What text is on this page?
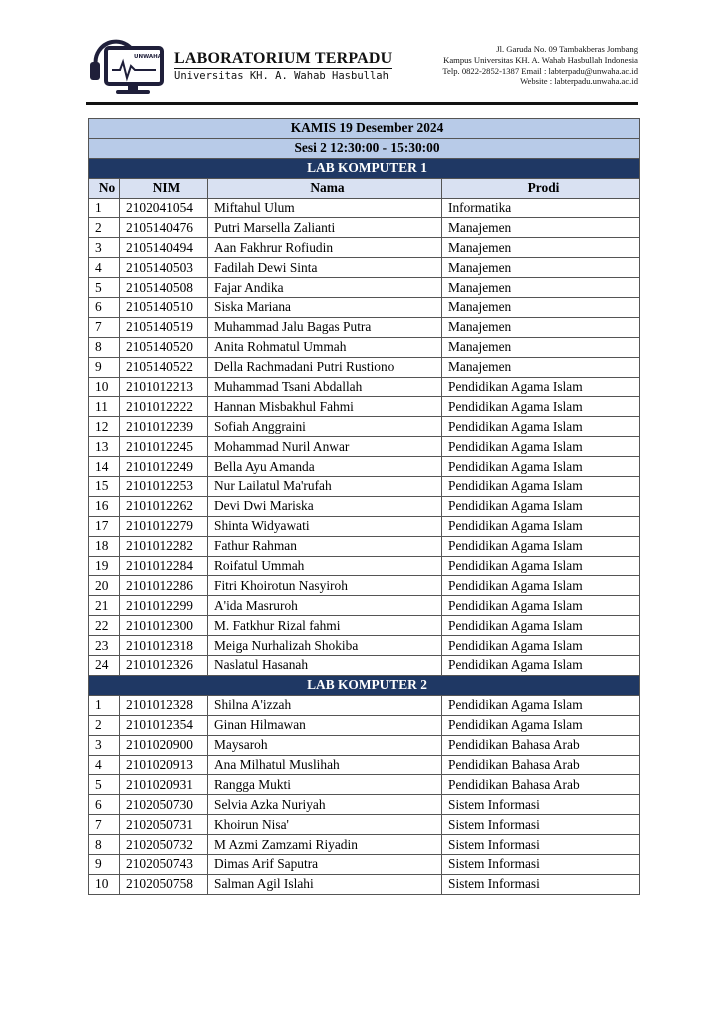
UNWAHA LABORATORIUM TERPADU
Universitas KH. A. Wahab Hasbullah
Jl. Garuda No. 09 Tambakberas Jombang
Kampus Universitas KH. A. Wahab Hasbullah Indonesia
Telp. 0822-2852-1387 Email : labterpadu@unwaha.ac.id
Website : labterpadu.unwaha.ac.id
KAMIS 19 Desember 2024			
Sesi 2 12:30:00 - 15:30:00			
LAB KOMPUTER 1			
No	NIM	Nama	Prodi
1	2102041054	Miftahul Ulum	Informatika
2	2105140476	Putri Marsella Zalianti	Manajemen
3	2105140494	Aan Fakhrur Rofiudin	Manajemen
4	2105140503	Fadilah Dewi Sinta	Manajemen
5	2105140508	Fajar Andika	Manajemen
6	2105140510	Siska Mariana	Manajemen
7	2105140519	Muhammad Jalu Bagas Putra	Manajemen
8	2105140520	Anita Rohmatul Ummah	Manajemen
9	2105140522	Della Rachmadani Putri Rustiono	Manajemen
10	2101012213	Muhammad Tsani Abdallah	Pendidikan Agama Islam
11	2101012222	Hannan Misbakhul Fahmi	Pendidikan Agama Islam
12	2101012239	Sofiah Anggraini	Pendidikan Agama Islam
13	2101012245	Mohammad Nuril Anwar	Pendidikan Agama Islam
14	2101012249	Bella Ayu Amanda	Pendidikan Agama Islam
15	2101012253	Nur Lailatul Ma'rufah	Pendidikan Agama Islam
16	2101012262	Devi Dwi Mariska	Pendidikan Agama Islam
17	2101012279	Shinta Widyawati	Pendidikan Agama Islam
18	2101012282	Fathur Rahman	Pendidikan Agama Islam
19	2101012284	Roifatul Ummah	Pendidikan Agama Islam
20	2101012286	Fitri Khoirotun Nasyiroh	Pendidikan Agama Islam
21	2101012299	A'ida Masruroh	Pendidikan Agama Islam
22	2101012300	M. Fatkhur Rizal fahmi	Pendidikan Agama Islam
23	2101012318	Meiga Nurhalizah Shokiba	Pendidikan Agama Islam
24	2101012326	Naslatul Hasanah	Pendidikan Agama Islam
LAB KOMPUTER 2			
1	2101012328	Shilna A'izzah	Pendidikan Agama Islam
2	2101012354	Ginan Hilmawan	Pendidikan Agama Islam
3	2101020900	Maysaroh	Pendidikan Bahasa Arab
4	2101020913	Ana Milhatul Muslihah	Pendidikan Bahasa Arab
5	2101020931	Rangga Mukti	Pendidikan Bahasa Arab
6	2102050730	Selvia Azka Nuriyah	Sistem Informasi
7	2102050731	Khoirun Nisa'	Sistem Informasi
8	2102050732	M Azmi Zamzami Riyadin	Sistem Informasi
9	2102050743	Dimas Arif Saputra	Sistem Informasi
10	2102050758	Salman Agil Islahi	Sistem Informasi
